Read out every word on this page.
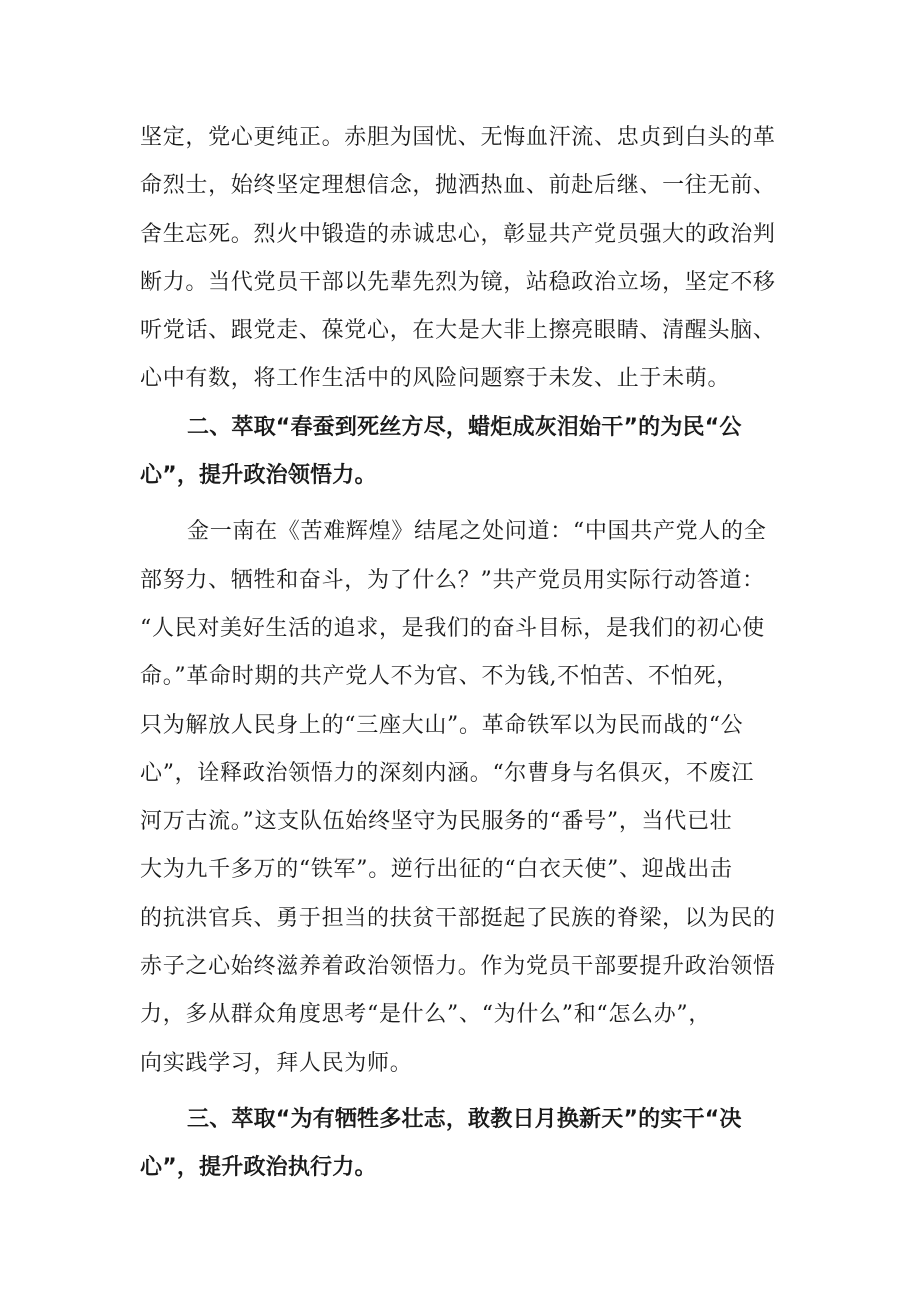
坚定，党心更纯正。赤胆为国忧、无悔血汗流、忠贞到白头的革
命烈士，始终坚定理想信念，抛洒热血、前赴后继、一往无前、
舍生忘死。烈火中锻造的赤诚忠心，彰显共产党员强大的政治判
断力。当代党员干部以先辈先烈为镜，站稳政治立场，坚定不移
听党话、跟党走、葆党心，在大是大非上擦亮眼睛、清醒头脑、
心中有数，将工作生活中的风险问题察于未发、止于未萌。
二、萃取“春蚕到死丝方尽，蜡炬成灰泪始干”的为民“公
心”，提升政治领悟力。
金一南在《苦难辉煌》结尾之处问道：“中国共产党人的全
部努力、牺牲和奋斗，为了什么？”共产党员用实际行动答道：
“人民对美好生活的追求，是我们的奋斗目标，是我们的初心使
命。”革命时期的共产党人不为官、不为钱,不怕苦、不怕死，
只为解放人民身上的“三座大山”。革命铁军以为民而战的“公
心”，诠释政治领悟力的深刻内涵。“尔曹身与名俱灭，不废江
河万古流。”这支队伍始终坚守为民服务的“番号”，当代已壮
大为九千多万的“铁军”。逆行出征的“白衣天使”、迎战出击
的抗洪官兵、勇于担当的扶贫干部挺起了民族的脊梁，以为民的
赤子之心始终滋养着政治领悟力。作为党员干部要提升政治领悟
力，多从群众角度思考“是什么”、“为什么”和“怎么办”，
向实践学习，拜人民为师。
三、萃取“为有牺牲多壮志，敢教日月换新天”的实干“决
心”，提升政治执行力。
